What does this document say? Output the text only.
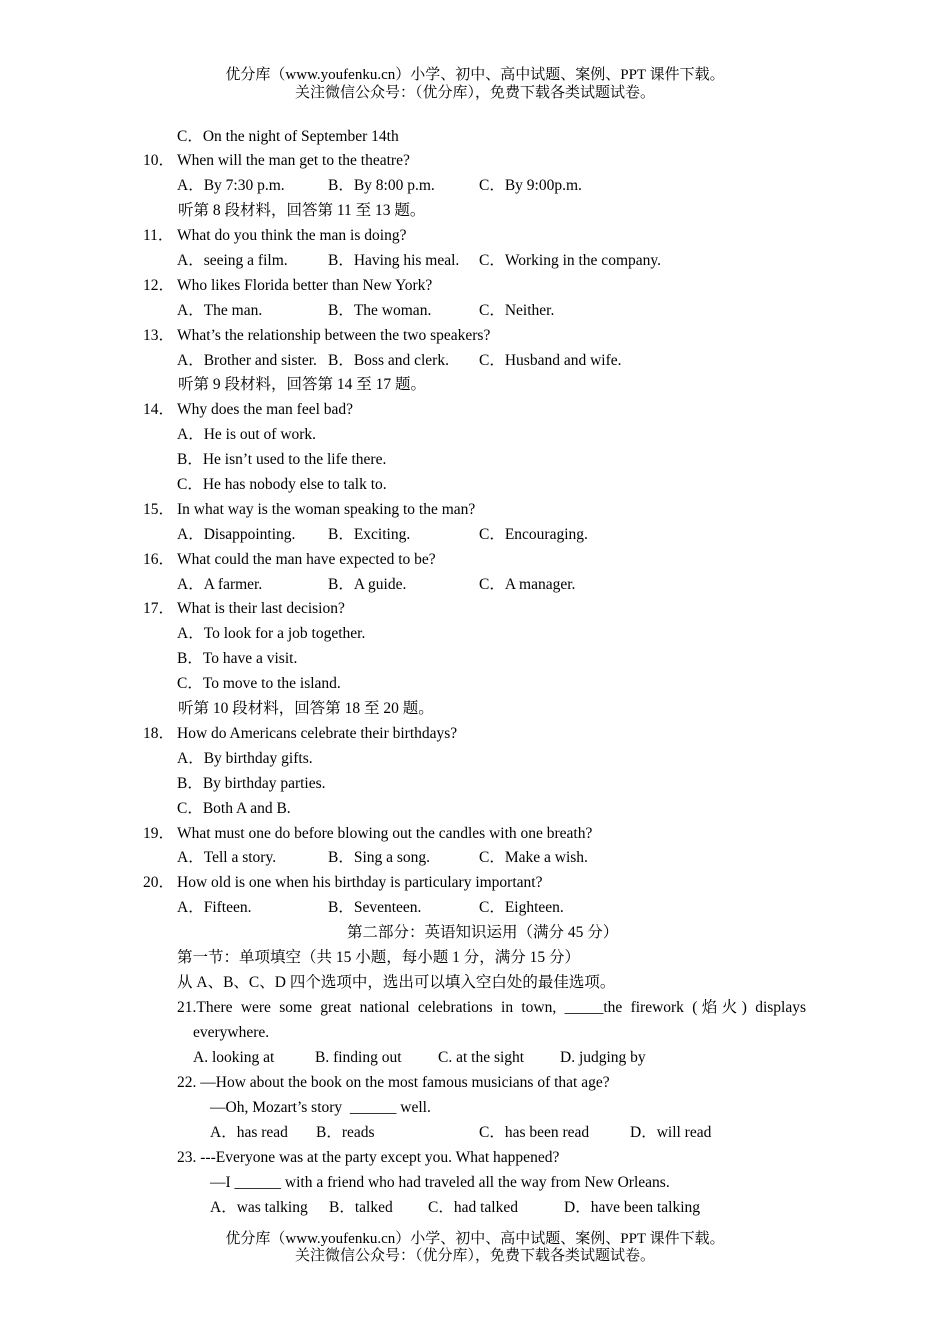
优分库（www.youfenku.cn）小学、初中、高中试题、案例、PPT 课件下载。
关注微信公众号：（优分库），免费下载各类试题试卷。
C．On the night of September 14th
10． When will the man get to the theatre?
A．By 7:30 p.m.	B．By 8:00 p.m.	C．By 9:00p.m.
听第 8 段材料，回答第 11 至 13 题。
11． What do you think the man is doing?
A．seeing a film.	B．Having his meal. C．Working in the company.
12． Who likes Florida better than New York?
A．The man.	B．The woman.	C．Neither.
13． What’s the relationship between the two speakers?
A．Brother and sister. B．Boss and clerk. C．Husband and wife.
听第 9 段材料，回答第 14 至 17 题。
14． Why does the man feel bad?
A．He is out of work.
B．He isn’t used to the life there.
C．He has nobody else to talk to.
15． In what way is the woman speaking to the man?
A．Disappointing. B．Exciting.	C．Encouraging.
16． What could the man have expected to be?
A．A farmer.	B．A guide.	C．A manager.
17． What is their last decision?
A．To look for a job together.
B．To have a visit.
C．To move to the island.
听第 10 段材料，回答第 18 至 20 题。
18． How do Americans celebrate their birthdays?
A．By birthday gifts.
B．By birthday parties.
C．Both A and B.
19． What must one do before blowing out the candles with one breath?
A．Tell a story.	B．Sing a song.	C．Make a wish.
20． How old is one when his birthday is particulary important?
A．Fifteen.	B．Seventeen.	C．Eighteen.
第二部分：英语知识运用（满分 45 分）
第一节：单项填空（共 15 小题，每小题 1 分，满分 15 分）
从 A、B、C、D 四个选项中，选出可以填入空白处的最佳选项。
21.There were some great national celebrations in town, _____the firework (焰火) displays
everywhere.
A. looking at	B. finding out C. at the sight D. judging by
22. —How about the book on the most famous musicians of that age?
—Oh, Mozart’s story  ______ well.
A．has read B．reads	C．has been read	D．will read
23. ---Everyone was at the party except you. What happened?
—I ______ with a friend who had traveled all the way from New Orleans.
A．was talking B．talked C．had talked	D．have been talking
优分库（www.youfenku.cn）小学、初中、高中试题、案例、PPT 课件下载。
关注微信公众号：（优分库），免费下载各类试题试卷。
